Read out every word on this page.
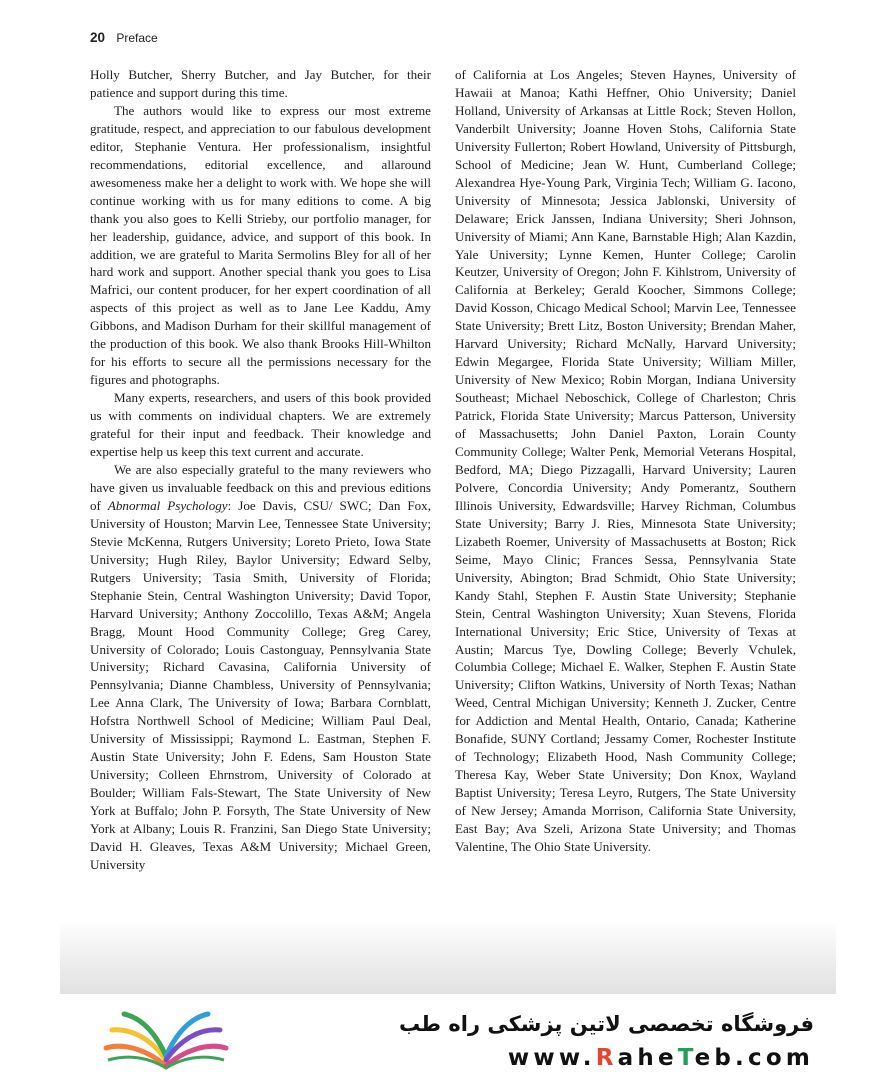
20 Preface

Holly Butcher, Sherry Butcher, and Jay Butcher, for their patience and support during this time.

The authors would like to express our most extreme gratitude, respect, and appreciation to our fabulous development editor, Stephanie Ventura. Her professionalism, insightful recommendations, editorial excellence, and allaround awesomeness make her a delight to work with. We hope she will continue working with us for many editions to come. A big thank you also goes to Kelli Strieby, our portfolio manager, for her leadership, guidance, advice, and support of this book. In addition, we are grateful to Marita Sermolins Bley for all of her hard work and support. Another special thank you goes to Lisa Mafrici, our content producer, for her expert coordination of all aspects of this project as well as to Jane Lee Kaddu, Amy Gibbons, and Madison Durham for their skillful management of the production of this book. We also thank Brooks Hill-Whilton for his efforts to secure all the permissions necessary for the figures and photographs.

Many experts, researchers, and users of this book provided us with comments on individual chapters. We are extremely grateful for their input and feedback. Their knowledge and expertise help us keep this text current and accurate.

We are also especially grateful to the many reviewers who have given us invaluable feedback on this and previous editions of Abnormal Psychology: Joe Davis, CSU/ SWC; Dan Fox, University of Houston; Marvin Lee, Tennessee State University; Stevie McKenna, Rutgers University; Loreto Prieto, Iowa State University; Hugh Riley, Baylor University; Edward Selby, Rutgers University; Tasia Smith, University of Florida; Stephanie Stein, Central Washington University; David Topor, Harvard University; Anthony Zoccolillo, Texas A&M; Angela Bragg, Mount Hood Community College; Greg Carey, University of Colorado; Louis Castonguay, Pennsylvania State University; Richard Cavasina, California University of Pennsylvania; Dianne Chambless, University of Pennsylvania; Lee Anna Clark, The University of Iowa; Barbara Cornblatt, Hofstra Northwell School of Medicine; William Paul Deal, University of Mississippi; Raymond L. Eastman, Stephen F. Austin State University; John F. Edens, Sam Houston State University; Colleen Ehrnstrom, University of Colorado at Boulder; William Fals-Stewart, The State University of New York at Buffalo; John P. Forsyth, The State University of New York at Albany; Louis R. Franzini, San Diego State University; David H. Gleaves, Texas A&M University; Michael Green, University

of California at Los Angeles; Steven Haynes, University of Hawaii at Manoa; Kathi Heffner, Ohio University; Daniel Holland, University of Arkansas at Little Rock; Steven Hollon, Vanderbilt University; Joanne Hoven Stohs, California State University Fullerton; Robert Howland, University of Pittsburgh, School of Medicine; Jean W. Hunt, Cumberland College; Alexandrea Hye-Young Park, Virginia Tech; William G. Iacono, University of Minnesota; Jessica Jablonski, University of Delaware; Erick Janssen, Indiana University; Sheri Johnson, University of Miami; Ann Kane, Barnstable High; Alan Kazdin, Yale University; Lynne Kemen, Hunter College; Carolin Keutzer, University of Oregon; John F. Kihlstrom, University of California at Berkeley; Gerald Koocher, Simmons College; David Kosson, Chicago Medical School; Marvin Lee, Tennessee State University; Brett Litz, Boston University; Brendan Maher, Harvard University; Richard McNally, Harvard University; Edwin Megargee, Florida State University; William Miller, University of New Mexico; Robin Morgan, Indiana University Southeast; Michael Neboschick, College of Charleston; Chris Patrick, Florida State University; Marcus Patterson, University of Massachusetts; John Daniel Paxton, Lorain County Community College; Walter Penk, Memorial Veterans Hospital, Bedford, MA; Diego Pizzagalli, Harvard University; Lauren Polvere, Concordia University; Andy Pomerantz, Southern Illinois University, Edwardsville; Harvey Richman, Columbus State University; Barry J. Ries, Minnesota State University; Lizabeth Roemer, University of Massachusetts at Boston; Rick Seime, Mayo Clinic; Frances Sessa, Pennsylvania State University, Abington; Brad Schmidt, Ohio State University; Kandy Stahl, Stephen F. Austin State University; Stephanie Stein, Central Washington University; Xuan Stevens, Florida International University; Eric Stice, University of Texas at Austin; Marcus Tye, Dowling College; Beverly Vchulek, Columbia College; Michael E. Walker, Stephen F. Austin State University; Clifton Watkins, University of North Texas; Nathan Weed, Central Michigan University; Kenneth J. Zucker, Centre for Addiction and Mental Health, Ontario, Canada; Katherine Bonafide, SUNY Cortland; Jessamy Comer, Rochester Institute of Technology; Elizabeth Hood, Nash Community College; Theresa Kay, Weber State University; Don Knox, Wayland Baptist University; Teresa Leyro, Rutgers, The State University of New Jersey; Amanda Morrison, California State University, East Bay; Ava Szeli, Arizona State University; and Thomas Valentine, The Ohio State University.

فروشگاه تخصصی لاتین پزشکی راه طب
www.RaheTeb.com
